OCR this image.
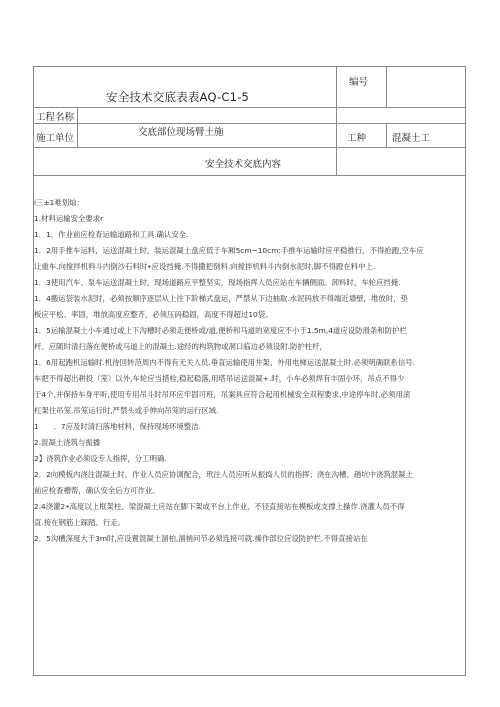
安全技术交底表表AQ-C1-5
编号
工程名称
施工单位
交底部位现场臂土施
工种	混凝土工
安全技术交底内容
i三±1难划灿：
1.材料运输安全要求r
1．1．作业前应检查运输道路和工具.确认安全.
1．2用手推车运料，运送混凝土时，装运混凝土盘应低于车厢5cm~10cm:手推车运输时应平稳推行，不得抢跑,空车应
让重车.向搅拌机料斗内倒沙石料时•应设挡掩.不得撒把倒料.向搅拌机料斗内倒水泥时,脚不得蹬在料中上.
1．3使用汽车、泵车运送混凝土时，现场道路应平整坚实，现场指挥人员应站在车辆侧面。卸料时，车轮应挡掩.
1．4搬运袋装水泥时，必须按顺序逐层从上往下阶梯式盘运，严禁从下边抽取.水泥码放不得端近墙壁，堆放时，垫
板应平松、率固，堆放高度应整齐，必须压码稳固，高度不得超过10袋。
1．5运输混凝土小车通过或上下沟槽时必须走便桥或/道,便桥和马道的宽度应不小于1.5m,4道应设防滑条和防护栏
杆。应随时清扫落在便桥或马道上的混凝土.途经的构筑物或洞口临边必须设附.防护柱杆，
1．6用起跑机运输时.机待回转范周内不得有无关人员.垂直运输使用井架、外用电梯运送混凝土时.必须明确联系信号.
车把不得超出耕投（笼）以外,车轮应当措栓,稳起稳落,用塔吊运送混凝+.时，小车必须焊有丰固小环，吊点不得少
于4个,并保持车身平听,使用专用吊斗时吊环应牢固可班，吊案具应符合起用机械安全双程要求,中途停车时,必须用滚
杠架住吊笼.吊笼运行时,严禁头或手伸向吊笼的运行区域.
1　　．7应及时清扫落地材料，保持现场环境整洁.
2.混凝土浇筑与振播
2】浇筑作业必须设专人指挥，分工明确.
2．2向模板内浇注混凝土时，作业人员应协调配合，玳注人员应听从振捣人员的指挥；浇在沟槽、趟坑中浇筑混凝土
前应检查槽帮，确认安全后方可作业。
2.4浇灌2•高度以上框架柱、梁混凝土应站在脚下架或平台上作业，不径直接站在模板或支撑上操作.浇灌人员不得
直.接在钢筋上踩踏、行走。
2．5沟槽深度大于3m时,应设置混凝土溜柏,溜梢问节必须连接可就.操作部位应设防护栏.不得直接站在
